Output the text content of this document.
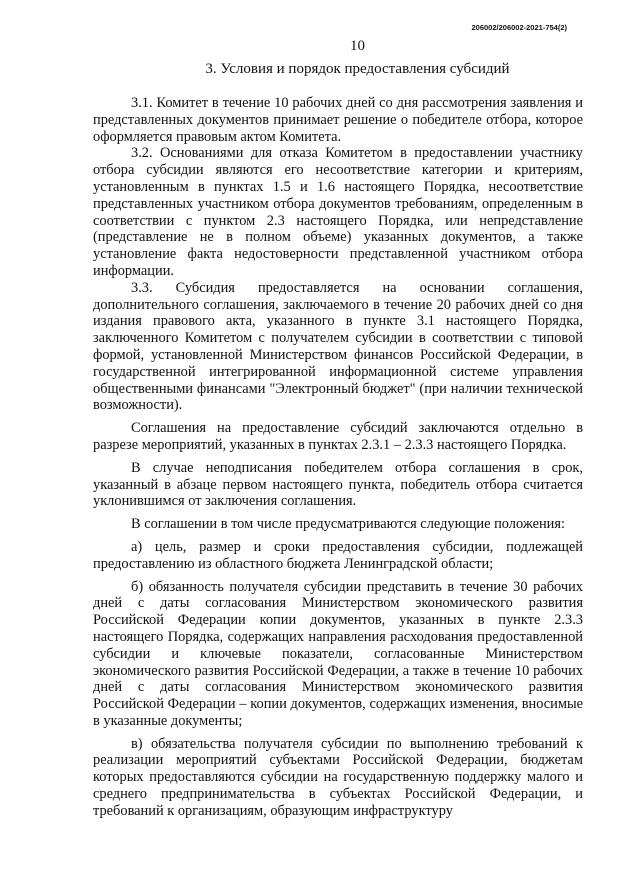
206002/206002-2021-754(2)
10
3. Условия и порядок предоставления субсидий

3.1. Комитет в течение 10 рабочих дней со дня рассмотрения заявления и представленных документов принимает решение о победителе отбора, которое оформляется правовым актом Комитета.

3.2. Основаниями для отказа Комитетом в предоставлении участнику отбора субсидии являются его несоответствие категории и критериям, установленным в пунктах 1.5 и 1.6 настоящего Порядка, несоответствие представленных участником отбора документов требованиям, определенным в соответствии с пунктом 2.3 настоящего Порядка, или непредставление (представление не в полном объеме) указанных документов, а также установление факта недостоверности представленной участником отбора информации.

3.3. Субсидия предоставляется на основании соглашения, дополнительного соглашения, заключаемого в течение 20 рабочих дней со дня издания правового акта, указанного в пункте 3.1 настоящего Порядка, заключенного Комитетом с получателем субсидии в соответствии с типовой формой, установленной Министерством финансов Российской Федерации, в государственной интегрированной информационной системе управления общественными финансами "Электронный бюджет" (при наличии технической возможности).

Соглашения на предоставление субсидий заключаются отдельно в разрезе мероприятий, указанных в пунктах 2.3.1 – 2.3.3 настоящего Порядка.

В случае неподписания победителем отбора соглашения в срок, указанный в абзаце первом настоящего пункта, победитель отбора считается уклонившимся от заключения соглашения.

В соглашении в том числе предусматриваются следующие положения:

а) цель, размер и сроки предоставления субсидии, подлежащей предоставлению из областного бюджета Ленинградской области;

б) обязанность получателя субсидии представить в течение 30 рабочих дней с даты согласования Министерством экономического развития Российской Федерации копии документов, указанных в пункте 2.3.3 настоящего Порядка, содержащих направления расходования предоставленной субсидии и ключевые показатели, согласованные Министерством экономического развития Российской Федерации, а также в течение 10 рабочих дней с даты согласования Министерством экономического развития Российской Федерации – копии документов, содержащих изменения, вносимые в указанные документы;

в) обязательства получателя субсидии по выполнению требований к реализации мероприятий субъектами Российской Федерации, бюджетам которых предоставляются субсидии на государственную поддержку малого и среднего предпринимательства в субъектах Российской Федерации, и требований к организациям, образующим инфраструктуру
